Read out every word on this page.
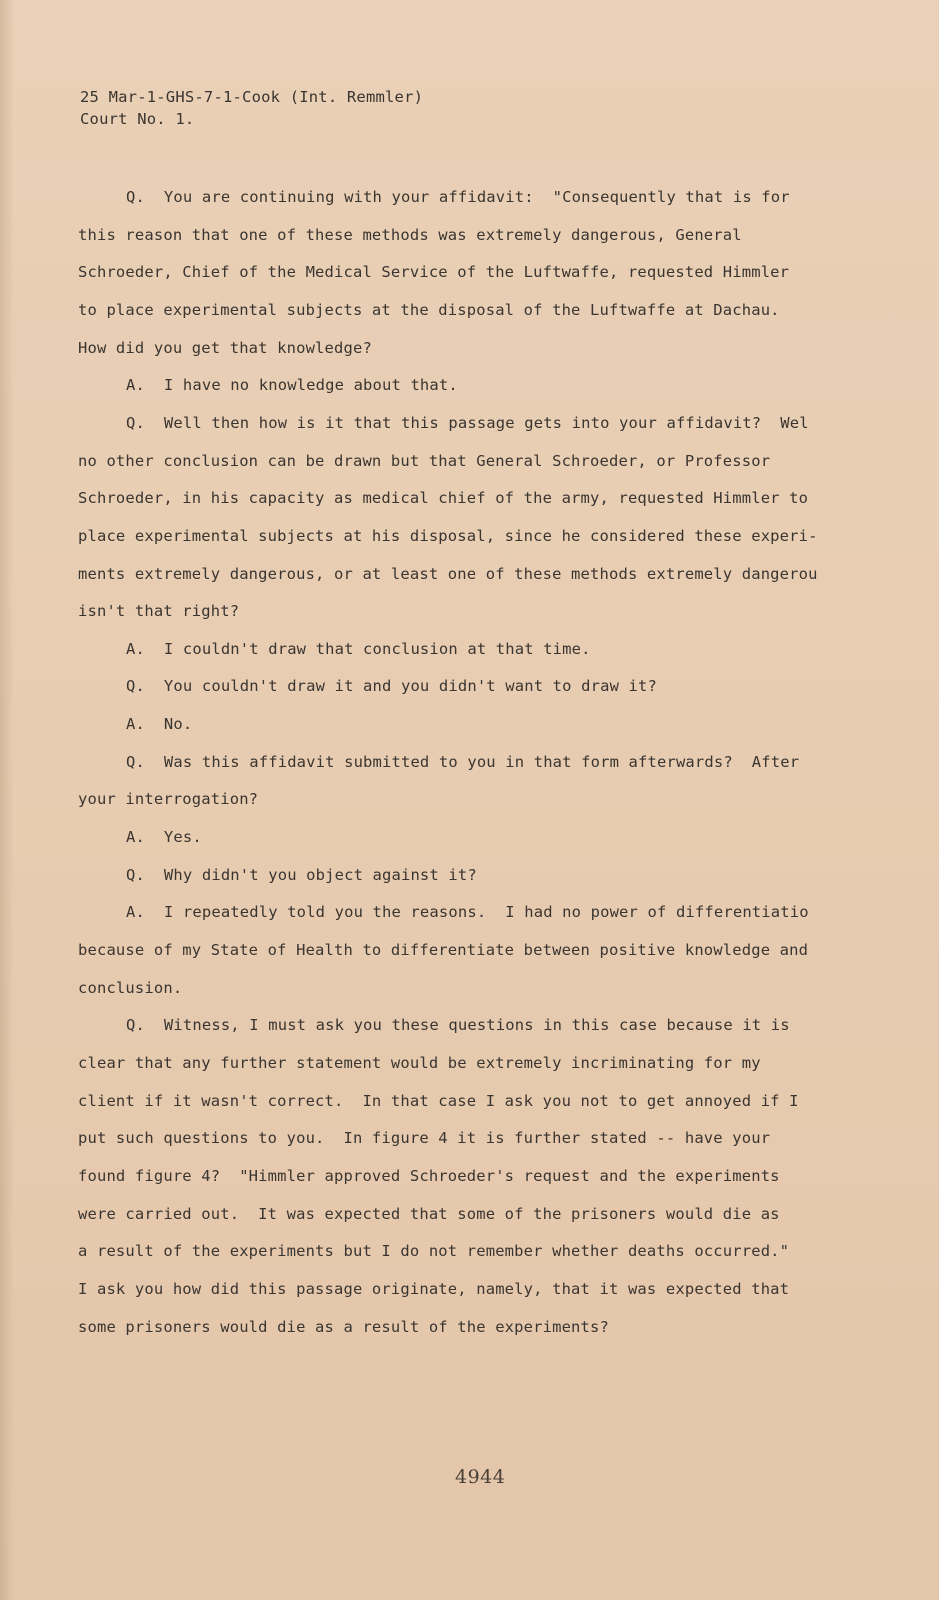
25 Mar-1-GHS-7-1-Cook (Int. Remmler)
Court No. 1.
Q.  You are continuing with your affidavit:  "Consequently that is for
this reason that one of these methods was extremely dangerous, General
Schroeder, Chief of the Medical Service of the Luftwaffe, requested Himmler
to place experimental subjects at the disposal of the Luftwaffe at Dachau.
How did you get that knowledge?
A.  I have no knowledge about that.
Q.  Well then how is it that this passage gets into your affidavit?  Wel
no other conclusion can be drawn but that General Schroeder, or Professor
Schroeder, in his capacity as medical chief of the army, requested Himmler to
place experimental subjects at his disposal, since he considered these experi-
ments extremely dangerous, or at least one of these methods extremely dangerou
isn't that right?
A.  I couldn't draw that conclusion at that time.
Q.  You couldn't draw it and you didn't want to draw it?
A.  No.
Q.  Was this affidavit submitted to you in that form afterwards?  After
your interrogation?
A.  Yes.
Q.  Why didn't you object against it?
A.  I repeatedly told you the reasons.  I had no power of differentiatio
because of my State of Health to differentiate between positive knowledge and
conclusion.
Q.  Witness, I must ask you these questions in this case because it is
clear that any further statement would be extremely incriminating for my
client if it wasn't correct.  In that case I ask you not to get annoyed if I
put such questions to you.  In figure 4 it is further stated -- have your
found figure 4?  "Himmler approved Schroeder's request and the experiments
were carried out.  It was expected that some of the prisoners would die as
a result of the experiments but I do not remember whether deaths occurred."
I ask you how did this passage originate, namely, that it was expected that
some prisoners would die as a result of the experiments?
4944
